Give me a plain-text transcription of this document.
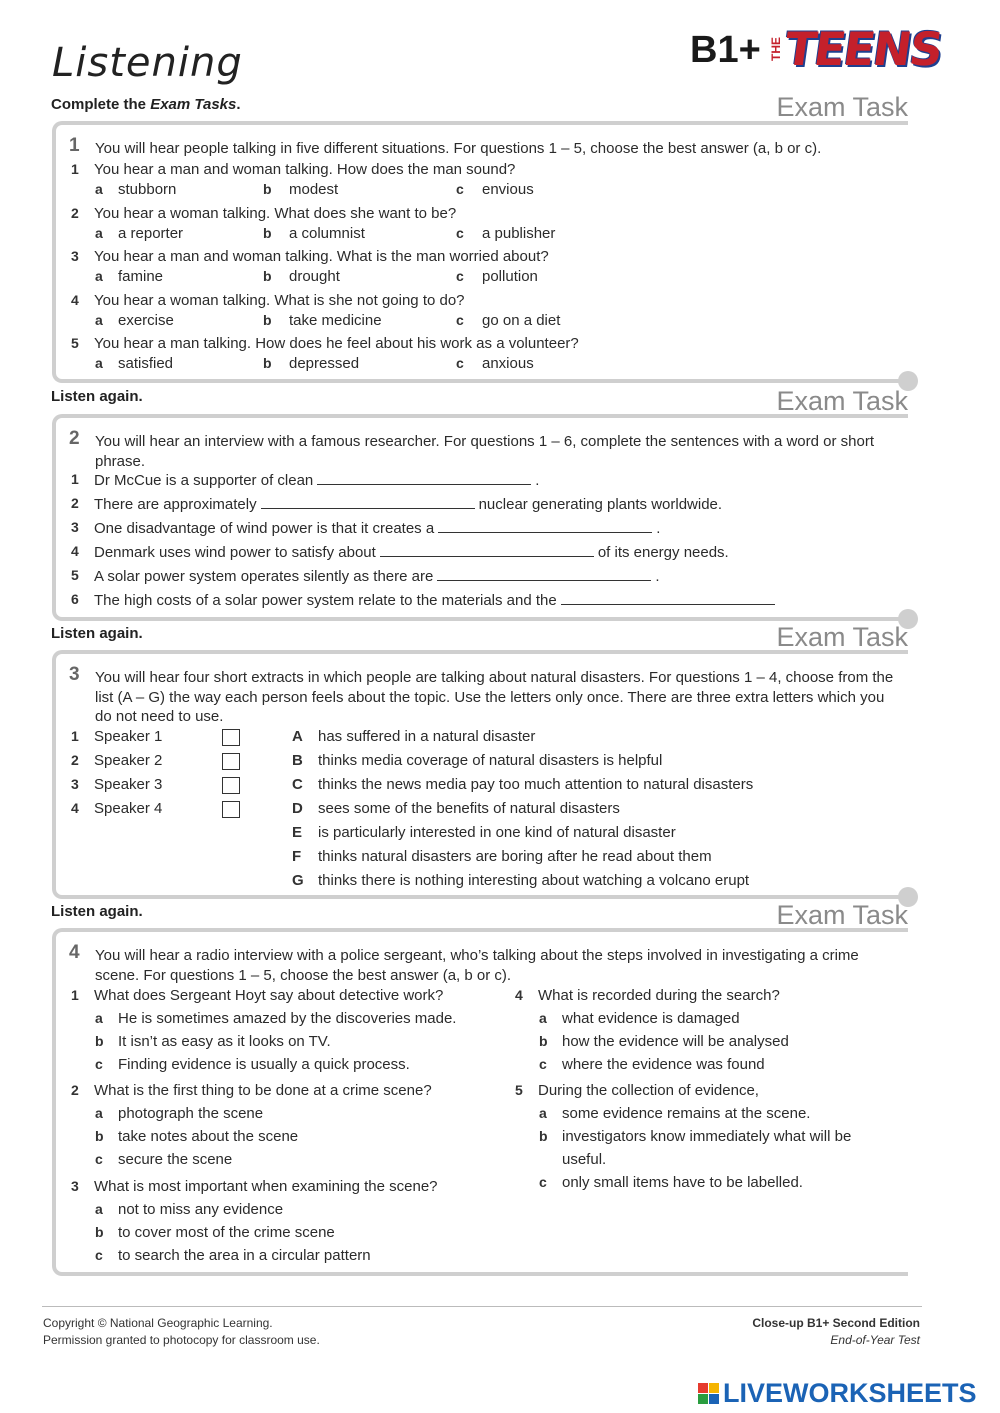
Listening
Complete the Exam Tasks.
B1+ THE
TEENS
Exam Task
1 You will hear people talking in five different situations. For questions 1 – 5, choose the best answer (a, b or c).
1 You hear a man and woman talking. How does the man sound?
a stubborn	b modest	c envious
2 You hear a woman talking. What does she want to be?
a a reporter	b a columnist	c a publisher
3 You hear a man and woman talking. What is the man worried about?
a famine	b drought	c pollution
4 You hear a woman talking. What is she not going to do?
a exercise	b take medicine	c go on a diet
5 You hear a man talking. How does he feel about his work as a volunteer?
a satisfied	b depressed	c anxious
Listen again.	Exam Task
2 You will hear an interview with a famous researcher. For questions 1 – 6, complete the sentences with a word or short phrase.
1 Dr McCue is a supporter of clean	.
2 There are approximately	nuclear generating plants worldwide.
3 One disadvantage of wind power is that it creates a	.
4 Denmark uses wind power to satisfy about	of its energy needs.
5 A solar power system operates silently as there are	.
6 The high costs of a solar power system relate to the materials and the
Listen again.	Exam Task
3 You will hear four short extracts in which people are talking about natural disasters. For questions 1 – 4, choose from the list (A – G) the way each person feels about the topic. Use the letters only once. There are three extra letters which you do not need to use.
1 Speaker 1
2 Speaker 2
3 Speaker 3
4 Speaker 4
A has suffered in a natural disaster
B thinks media coverage of natural disasters is helpful
C thinks the news media pay too much attention to natural disasters
D sees some of the benefits of natural disasters
E is particularly interested in one kind of natural disaster
F thinks natural disasters are boring after he read about them
G thinks there is nothing interesting about watching a volcano erupt
Listen again.	Exam Task
4 You will hear a radio interview with a police sergeant, who’s talking about the steps involved in investigating a crime scene. For questions 1 – 5, choose the best answer (a, b or c).
1 What does Sergeant Hoyt say about detective work?
a He is sometimes amazed by the discoveries made.
b It isn’t as easy as it looks on TV.
c Finding evidence is usually a quick process.
2 What is the first thing to be done at a crime scene?
a photograph the scene
b take notes about the scene
c secure the scene
3 What is most important when examining the scene?
a not to miss any evidence
b to cover most of the crime scene
c to search the area in a circular pattern
4 What is recorded during the search?
a what evidence is damaged
b how the evidence will be analysed
c where the evidence was found
5 During the collection of evidence,
a some evidence remains at the scene.
b investigators know immediately what will be
useful.
c only small items have to be labelled.
Copyright © National Geographic Learning.
Permission granted to photocopy for classroom use.
Close-up B1+ Second Edition
End-of-Year Test
LIVEWORKSHEETS
